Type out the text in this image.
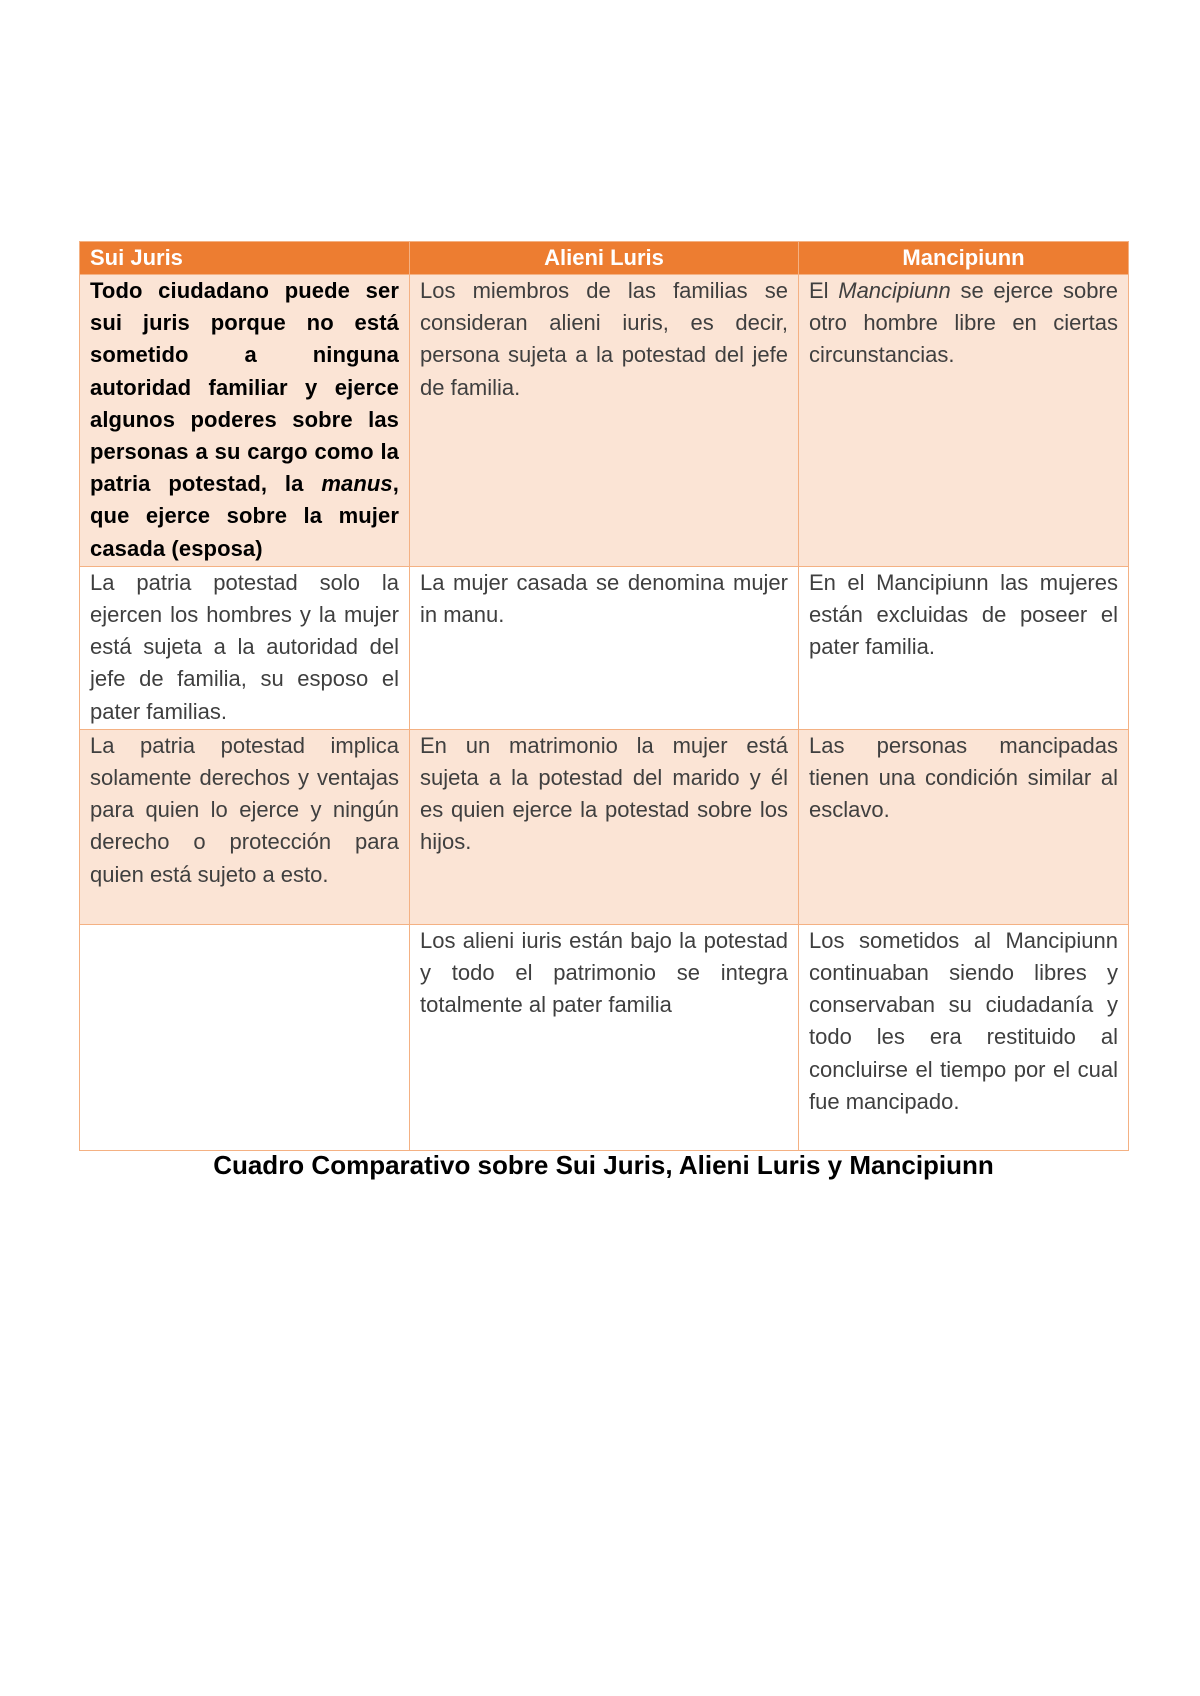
Sui Juris	Alieni Luris	Mancipiunn
Todo ciudadano puede ser sui juris porque no está sometido a ninguna autoridad familiar y ejerce algunos poderes sobre las personas a su cargo como la patria potestad, la manus, que ejerce sobre la mujer casada (esposa)	Los miembros de las familias se consideran alieni iuris, es decir, persona sujeta a la potestad del jefe de familia.	El Mancipiunn se ejerce sobre otro hombre libre en ciertas circunstancias.
La patria potestad solo la ejercen los hombres y la mujer está sujeta a la autoridad del jefe de familia, su esposo el pater familias.	La mujer casada se denomina mujer in manu.	En el Mancipiunn las mujeres están excluidas de poseer el pater familia.
La patria potestad implica solamente derechos y ventajas para quien lo ejerce y ningún derecho o protección para quien está sujeto a esto.	En un matrimonio la mujer está sujeta a la potestad del marido y él es quien ejerce la potestad sobre los hijos.	Las personas mancipadas tienen una condición similar al esclavo.
	Los alieni iuris están bajo la potestad y todo el patrimonio se integra totalmente al pater familia	Los sometidos al Mancipiunn continuaban siendo libres y conservaban su ciudadanía y todo les era restituido al concluirse el tiempo por el cual fue mancipado.
Cuadro Comparativo sobre Sui Juris, Alieni Luris y Mancipiunn
